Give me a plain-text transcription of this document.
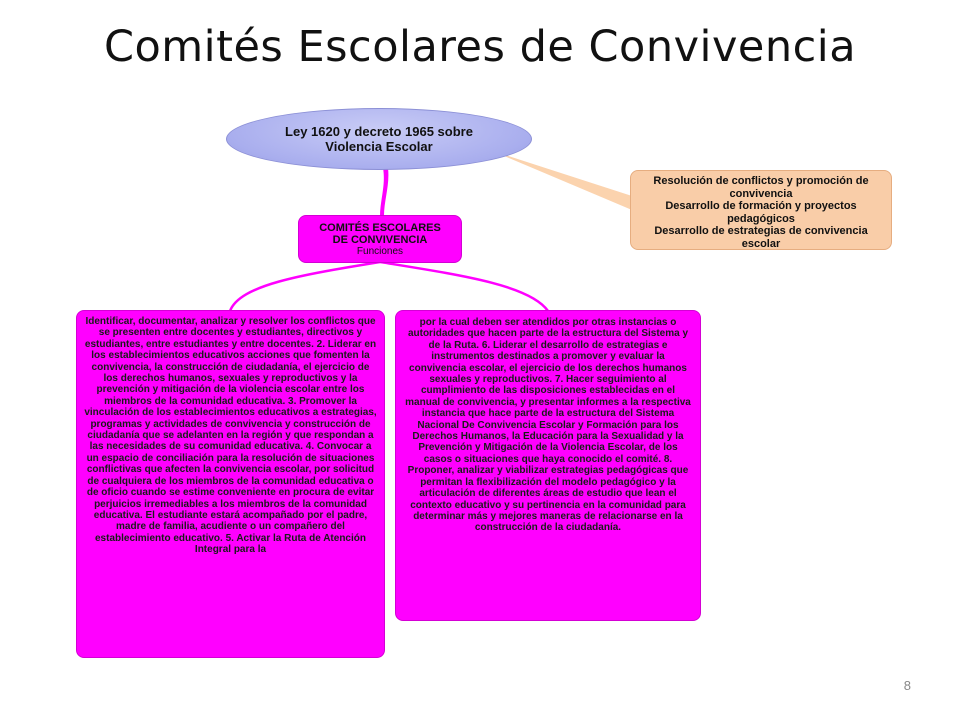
Comités Escolares de Convivencia
Ley 1620 y decreto 1965 sobre
Violencia Escolar
Resolución de conflictos y promoción de
convivencia
Desarrollo de formación y proyectos
pedagógicos
Desarrollo de estrategias de convivencia
escolar
COMITÉS ESCOLARES
DE CONVIVENCIA
Funciones
Identificar, documentar, analizar y resolver los conflictos que se presenten entre docentes y estudiantes, directivos y estudiantes, entre estudiantes y entre docentes. 2. Liderar en los establecimientos educativos acciones que fomenten la convivencia, la construcción de ciudadanía, el ejercicio de los derechos humanos, sexuales y reproductivos y la prevención y mitigación de la violencia escolar entre los miembros de la comunidad educativa. 3. Promover la vinculación de los establecimientos educativos a estrategias, programas y actividades de convivencia y construcción de ciudadanía que se adelanten en la región y que respondan a las necesidades de su comunidad educativa. 4. Convocar a un espacio de conciliación para la resolución de situaciones conflictivas que afecten la convivencia escolar, por solicitud de cualquiera de los miembros de la comunidad educativa o de oficio cuando se estime conveniente en procura de evitar perjuicios irremediables a los miembros de la comunidad educativa. El estudiante estará acompañado por el padre, madre de familia, acudiente o un compañero del establecimiento educativo. 5. Activar la Ruta de Atención Integral para la
por la cual deben ser atendidos por otras instancias o autoridades que hacen parte de la estructura del Sistema y de la Ruta. 6. Liderar el desarrollo de estrategias e instrumentos destinados a promover y evaluar la convivencia escolar, el ejercicio de los derechos humanos sexuales y reproductivos. 7. Hacer seguimiento al cumplimiento de las disposiciones establecidas en el manual de convivencia, y presentar informes a la respectiva instancia que hace parte de la estructura del Sistema Nacional De Convivencia Escolar y Formación para los Derechos Humanos, la Educación para la Sexualidad y la Prevención y Mitigación de la Violencia Escolar, de los casos o situaciones que haya conocido el comité. 8. Proponer, analizar y viabilizar estrategias pedagógicas que permitan la flexibilización del modelo pedagógico y la articulación de diferentes áreas de estudio que lean el contexto educativo y su pertinencia en la comunidad para determinar más y mejores maneras de relacionarse en la construcción de la ciudadanía.
8
